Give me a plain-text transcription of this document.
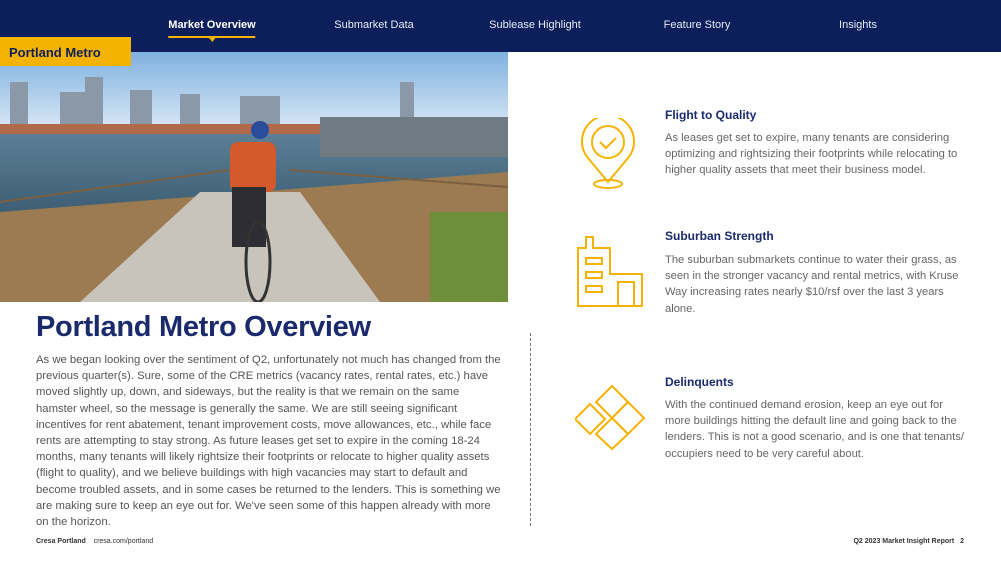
Market Overview	Submarket Data	Sublease Highlight	Feature Story	Insights
Portland Metro
Portland Metro Overview

As we began looking over the sentiment of Q2, unfortunately not much has changed from the previous quarter(s). Sure, some of the CRE metrics (vacancy rates, rental rates, etc.) have moved slightly up, down, and sideways, but the reality is that we remain on the same hamster wheel, so the message is generally the same. We are still seeing significant incentives for rent abatement, tenant improvement costs, move allowances, etc., while face rents are attempting to stay strong. As future leases get set to expire in the coming 18-24 months, many tenants will likely rightsize their footprints or relocate to higher quality assets (flight to quality), and we believe buildings with high vacancies may start to default and become troubled assets, and in some cases be returned to the lenders. This is something we are making sure to keep an eye out for. We've seen some of this happen already with more on the horizon.

Flight to Quality

As leases get set to expire, many tenants are considering optimizing and rightsizing their footprints while relocating to higher quality assets that meet their business model.

Suburban Strength

The suburban submarkets continue to water their grass, as seen in the stronger vacancy and rental metrics, with Kruse Way increasing rates nearly $10/rsf over the last 3 years alone.

Delinquents

With the continued demand erosion, keep an eye out for more buildings hitting the default line and going back to the lenders. This is not a good scenario, and is one that tenants/ occupiers need to be very careful about.

Cresa Portland cresa.com/portland	Q2 2023 Market Insight Report 2
